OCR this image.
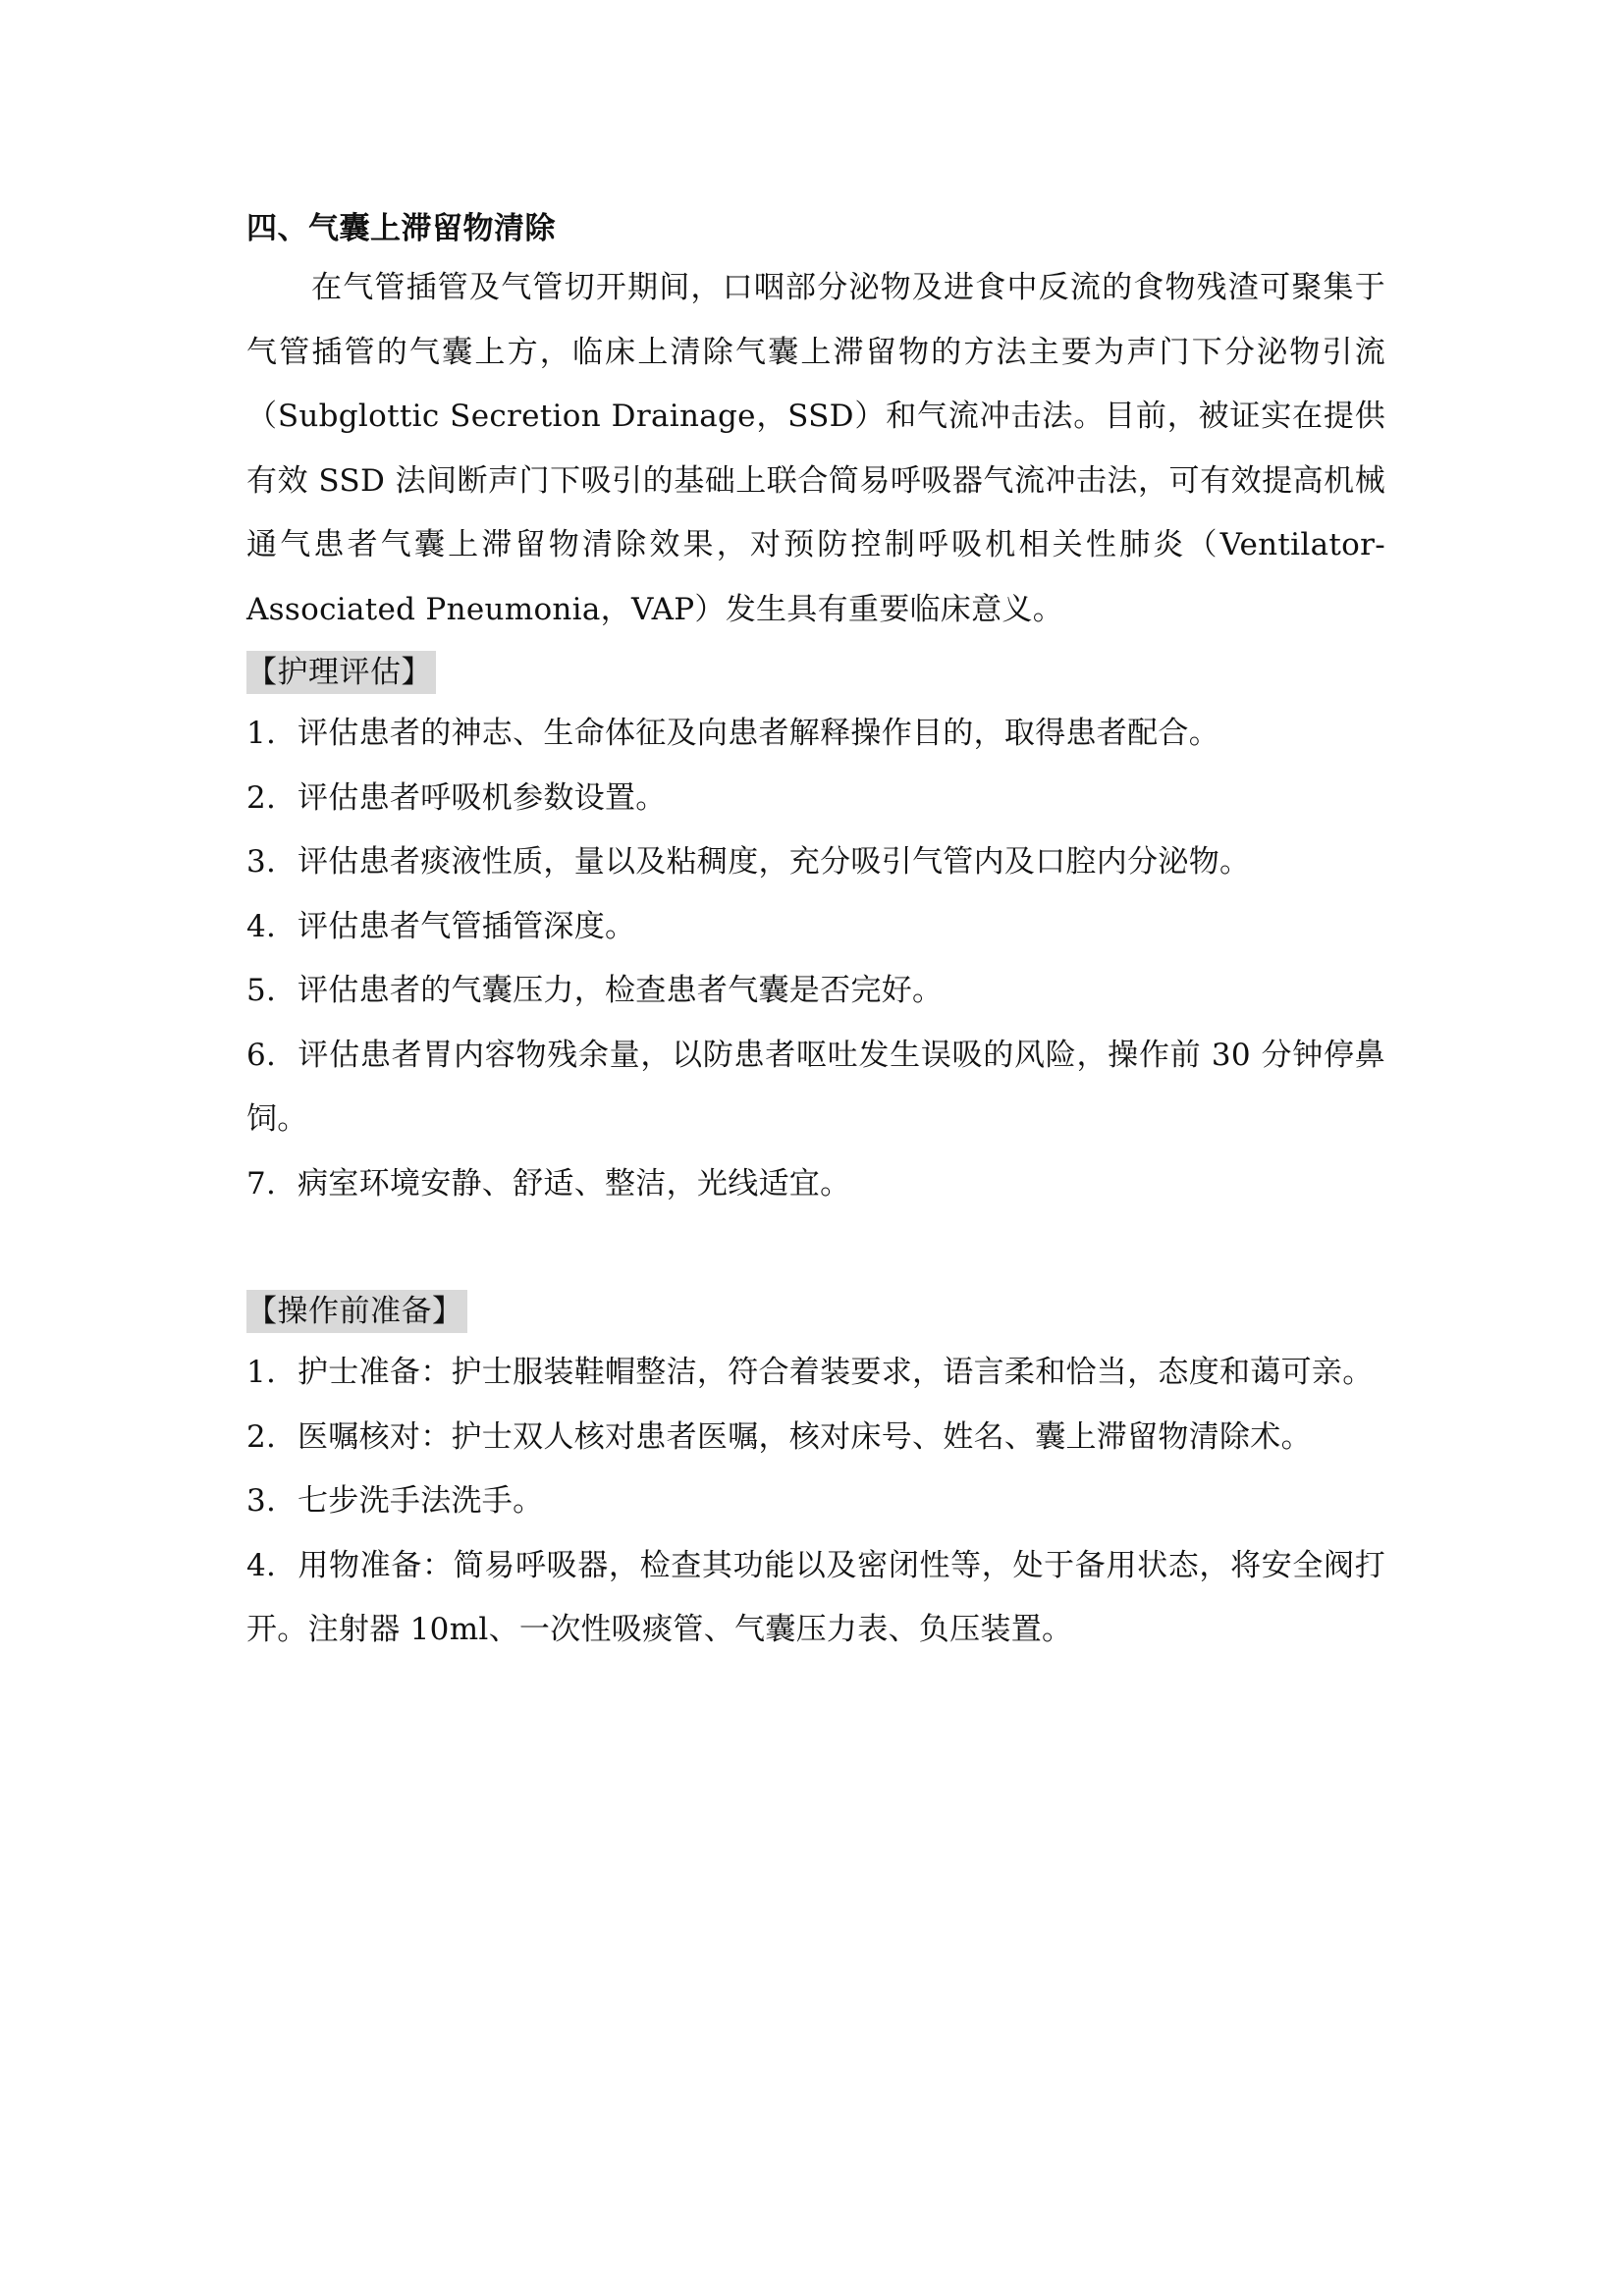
四、气囊上滞留物清除

在气管插管及气管切开期间，口咽部分泌物及进食中反流的食物残渣可聚集于气管插管的气囊上方，临床上清除气囊上滞留物的方法主要为声门下分泌物引流（Subglottic Secretion Drainage，SSD）和气流冲击法。目前，被证实在提供有效 SSD 法间断声门下吸引的基础上联合简易呼吸器气流冲击法，可有效提高机械通气患者气囊上滞留物清除效果，对预防控制呼吸机相关性肺炎（Ventilator-Associated Pneumonia，VAP）发生具有重要临床意义。

【护理评估】
1. 评估患者的神志、生命体征及向患者解释操作目的，取得患者配合。
2. 评估患者呼吸机参数设置。
3. 评估患者痰液性质，量以及粘稠度，充分吸引气管内及口腔内分泌物。
4. 评估患者气管插管深度。
5. 评估患者的气囊压力，检查患者气囊是否完好。
6. 评估患者胃内容物残余量，以防患者呕吐发生误吸的风险，操作前 30 分钟停鼻饲。
7. 病室环境安静、舒适、整洁，光线适宜。
【操作前准备】
1. 护士准备：护士服装鞋帽整洁，符合着装要求，语言柔和恰当，态度和蔼可亲。
2. 医嘱核对：护士双人核对患者医嘱，核对床号、姓名、囊上滞留物清除术。
3. 七步洗手法洗手。
4. 用物准备：简易呼吸器，检查其功能以及密闭性等，处于备用状态，将安全阀打开。注射器 10ml、一次性吸痰管、气囊压力表、负压装置。
